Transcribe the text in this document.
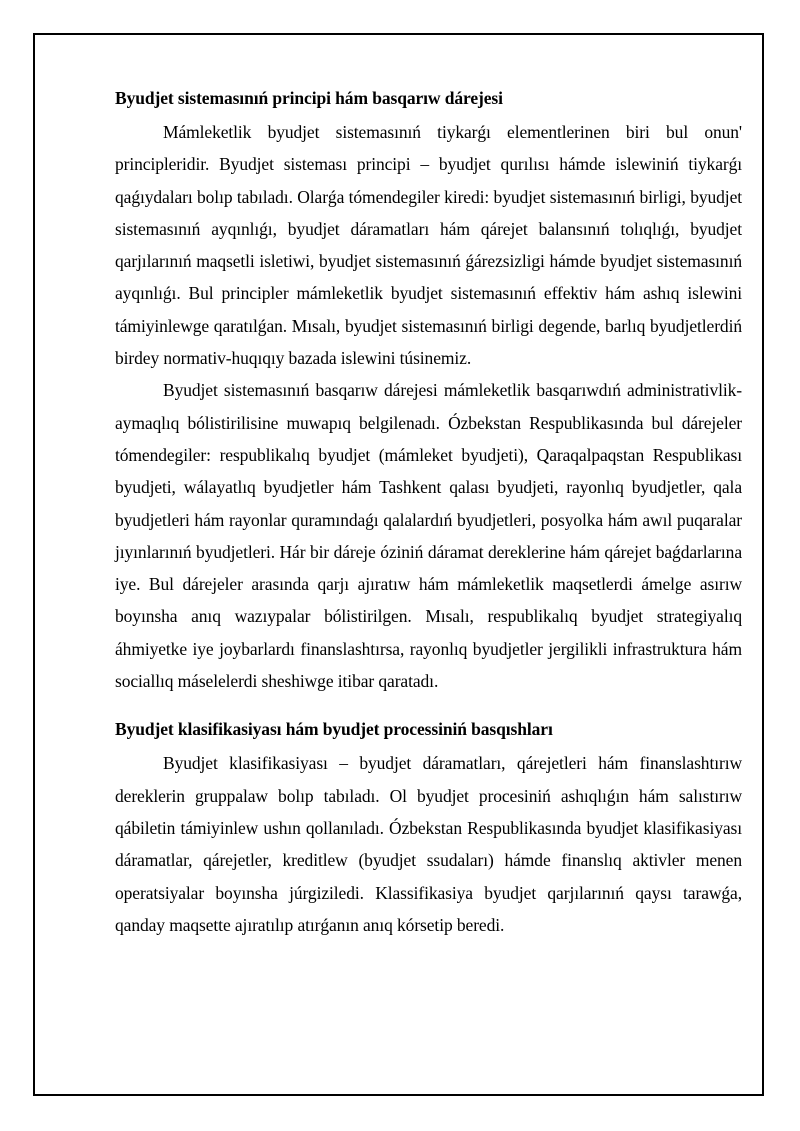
Byudjet sistemasınıń principi hám basqarıw dárejesi

Mámleketlik byudjet sistemasınıń tiykarǵı elementlerinen biri bul onun' principleridir. Byudjet sisteması principi – byudjet qurılısı hámde islewiniń tiykarǵı qaǵıydaları bolıp tabıladı. Olarǵa tómendegiler kiredi: byudjet sistemasınıń birligi, byudjet sistemasınıń ayqınlıǵı, byudjet dáramatları hám qárejet balansınıń tolıqlıǵı, byudjet qarjılarınıń maqsetli isletiwi, byudjet sistemasınıń ǵárezsizligi hámde byudjet sistemasınıń ayqınlıǵı. Bul principler mámleketlik byudjet sistemasınıń effektiv hám ashıq islewini támiyinlewge qaratılǵan. Mısalı, byudjet sistemasınıń birligi degende, barlıq byudjetlerdiń birdey normativ-huqıqıy bazada islewini túsinemiz.

Byudjet sistemasınıń basqarıw dárejesi mámleketlik basqarıwdıń administrativlik-aymaqlıq bólistirilisine muwapıq belgilenadı. Ózbekstan Respublikasında bul dárejeler tómendegiler: respublikalıq byudjet (mámleket byudjeti), Qaraqalpaqstan Respublikası byudjeti, wálayatlıq byudjetler hám Tashkent qalası byudjeti, rayonlıq byudjetler, qala byudjetleri hám rayonlar quramındaǵı qalalardıń byudjetleri, posyolka hám awıl puqaralar jıyınlarınıń byudjetleri. Hár bir dáreje óziniń dáramat dereklerine hám qárejet baǵdarlarına iye. Bul dárejeler arasında qarjı ajıratıw hám mámleketlik maqsetlerdi ámelge asırıw boyınsha anıq wazıypalar bólistirilgen. Mısalı, respublikalıq byudjet strategiyalıq áhmiyetke iye joybarlardı finanslashtırsa, rayonlıq byudjetler jergilikli infrastruktura hám sociallıq máselelerdi sheshiwge itibar qaratadı.

Byudjet klasifikasiyası hám byudjet processiniń basqıshları

Byudjet klasifikasiyası – byudjet dáramatları, qárejetleri hám finanslashtırıw dereklerin gruppalaw bolıp tabıladı. Ol byudjet procesiniń ashıqlıǵın hám salıstırıw qábiletin támiyinlew ushın qollanıladı. Ózbekstan Respublikasında byudjet klasifikasiyası dáramatlar, qárejetler, kreditlew (byudjet ssudaları) hámde finanslıq aktivler menen operatsiyalar boyınsha júrgiziledi. Klassifikasiya byudjet qarjılarınıń qaysı tarawǵa, qanday maqsette ajıratılıp atırǵanın anıq kórsetip beredi.
